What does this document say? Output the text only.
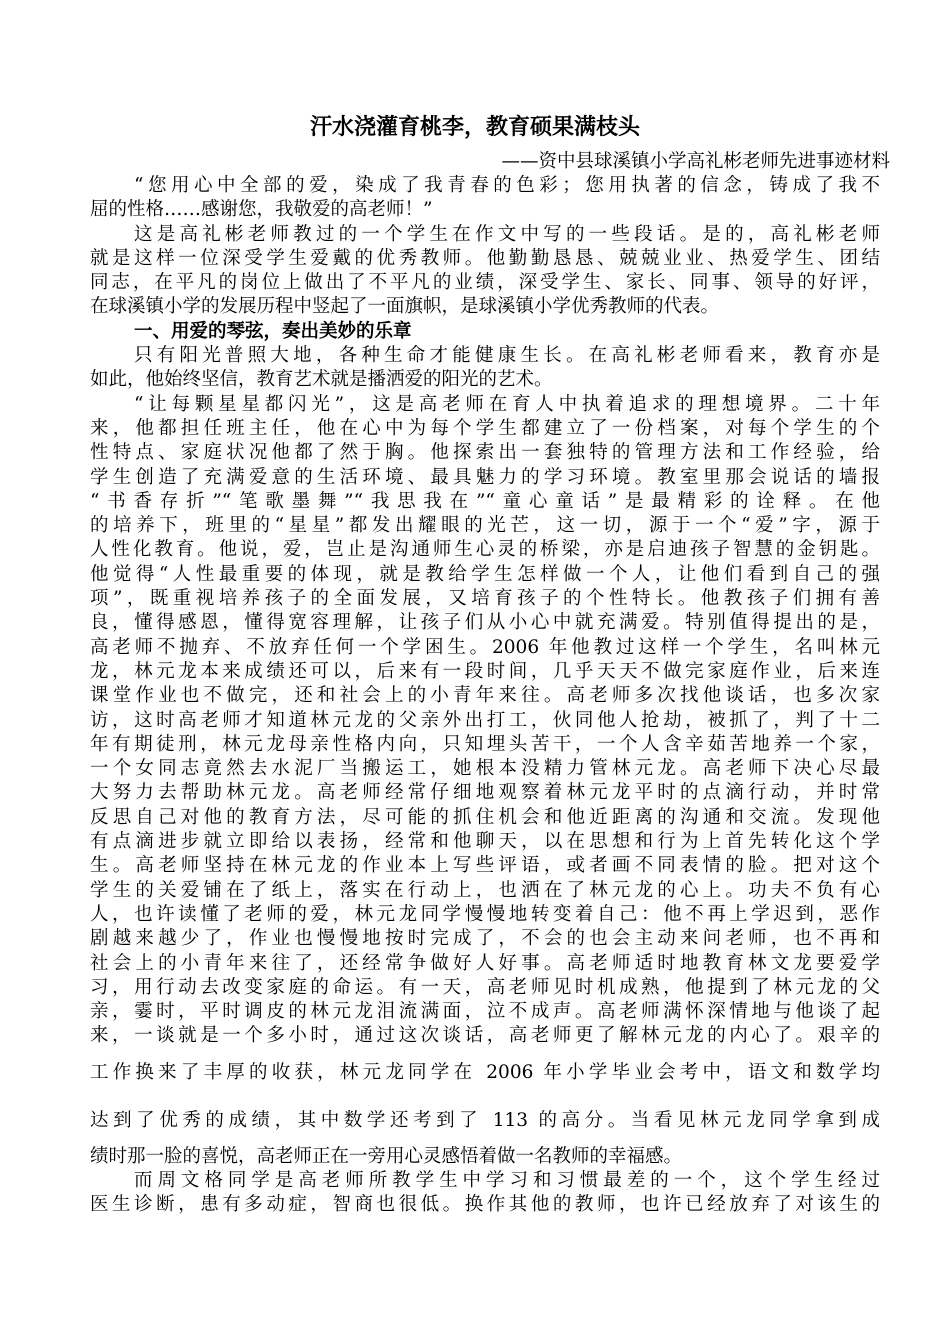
汗水浇灌育桃李，教育硕果满枝头
——资中县球溪镇小学高礼彬老师先进事迹材料
“您用心中全部的爱，染成了我青春的色彩；您用执著的信念，铸成了我不
屈的性格……感谢您，我敬爱的高老师！”
这是高礼彬老师教过的一个学生在作文中写的一些段话。是的，高礼彬老师
就是这样一位深受学生爱戴的优秀教师。他勤勤恳恳、兢兢业业、热爱学生、团结
同志，在平凡的岗位上做出了不平凡的业绩，深受学生、家长、同事、领导的好评，
在球溪镇小学的发展历程中竖起了一面旗帜，是球溪镇小学优秀教师的代表。
一、用爱的琴弦，奏出美妙的乐章
只有阳光普照大地，各种生命才能健康生长。在高礼彬老师看来，教育亦是
如此，他始终坚信，教育艺术就是播洒爱的阳光的艺术。
“让每颗星星都闪光”，这是高老师在育人中执着追求的理想境界。二十年
来，他都担任班主任，他在心中为每个学生都建立了一份档案，对每个学生的个
性特点、家庭状况他都了然于胸。他探索出一套独特的管理方法和工作经验，给
学生创造了充满爱意的生活环境、最具魅力的学习环境。教室里那会说话的墙报
“书香存折”“笔歌墨舞”“我思我在”“童心童话”是最精彩的诠释。在他
的培养下，班里的“星星”都发出耀眼的光芒，这一切，源于一个“爱”字，源于
人性化教育。他说，爱，岂止是沟通师生心灵的桥梁，亦是启迪孩子智慧的金钥匙。
他觉得“人性最重要的体现，就是教给学生怎样做一个人，让他们看到自己的强
项”，既重视培养孩子的全面发展，又培育孩子的个性特长。他教孩子们拥有善
良，懂得感恩，懂得宽容理解，让孩子们从小心中就充满爱。特别值得提出的是，
高老师不抛弃、不放弃任何一个学困生。2006 年他教过这样一个学生，名叫林元
龙，林元龙本来成绩还可以，后来有一段时间，几乎天天不做完家庭作业，后来连
课堂作业也不做完，还和社会上的小青年来往。高老师多次找他谈话，也多次家
访，这时高老师才知道林元龙的父亲外出打工，伙同他人抢劫，被抓了，判了十二
年有期徒刑，林元龙母亲性格内向，只知埋头苦干，一个人含辛茹苦地养一个家，
一个女同志竟然去水泥厂当搬运工，她根本没精力管林元龙。高老师下决心尽最
大努力去帮助林元龙。高老师经常仔细地观察着林元龙平时的点滴行动，并时常
反思自己对他的教育方法，尽可能的抓住机会和他近距离的沟通和交流。发现他
有点滴进步就立即给以表扬，经常和他聊天，以在思想和行为上首先转化这个学
生。高老师坚持在林元龙的作业本上写些评语，或者画不同表情的脸。把对这个
学生的关爱铺在了纸上，落实在行动上，也洒在了林元龙的心上。功夫不负有心
人，也许读懂了老师的爱，林元龙同学慢慢地转变着自己：他不再上学迟到，恶作
剧越来越少了，作业也慢慢地按时完成了，不会的也会主动来问老师，也不再和
社会上的小青年来往了，还经常争做好人好事。高老师适时地教育林文龙要爱学
习，用行动去改变家庭的命运。有一天，高老师见时机成熟，他提到了林元龙的父
亲，霎时，平时调皮的林元龙泪流满面，泣不成声。高老师满怀深情地与他谈了起
来，一谈就是一个多小时，通过这次谈话，高老师更了解林元龙的内心了。艰辛的
工作换来了丰厚的收获，林元龙同学在 2006 年小学毕业会考中，语文和数学均
达到了优秀的成绩，其中数学还考到了 113 的高分。当看见林元龙同学拿到成
绩时那一脸的喜悦，高老师正在一旁用心灵感悟着做一名教师的幸福感。
而周文格同学是高老师所教学生中学习和习惯最差的一个，这个学生经过
医生诊断，患有多动症，智商也很低。换作其他的教师，也许已经放弃了对该生的
